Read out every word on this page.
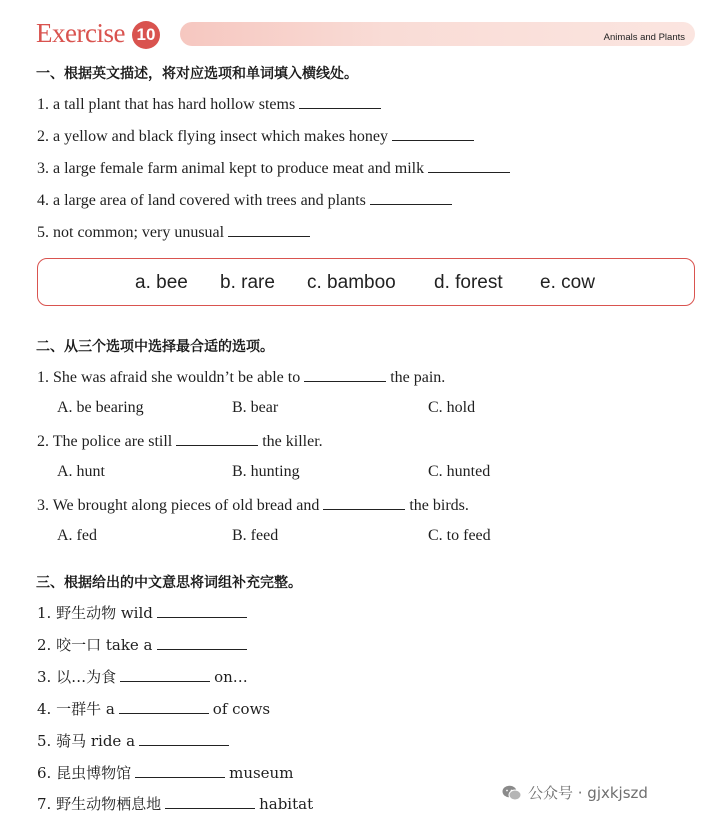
Exercise 10	Animals and Plants
一、根据英文描述，将对应选项和单词填入横线处。
1. a tall plant that has hard hollow stems
2. a yellow and black flying insect which makes honey
3. a large female farm animal kept to produce meat and milk
4. a large area of land covered with trees and plants
5. not common; very unusual
a. bee b. rare c. bamboo d. forest e. cow
二、从三个选项中选择最合适的选项。
1. She was afraid she wouldn’t be able to	the pain.
A. be bearing	B. bear	C. hold
2. The police are still	the killer.
A. hunt	B. hunting	C. hunted
3. We brought along pieces of old bread and	the birds.
A. fed	B. feed	C. to feed
三、根据给出的中文意思将词组补充完整。
1. 野生动物 wild
2. 咬一口 take a
3. 以…为食	on…
4. 一群牛 a	of cows
5. 骑马 ride a
6. 昆虫博物馆	museum
7. 野生动物栖息地	habitat
公众号 · gjxkjszd
